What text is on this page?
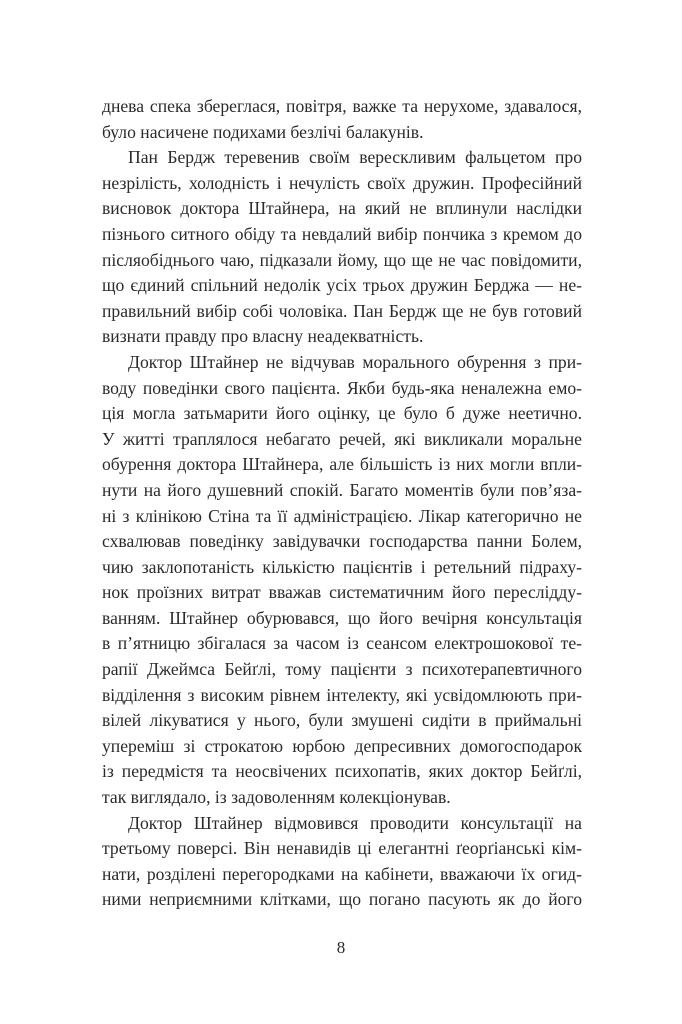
днева спека збереглася, повітря, важке та нерухоме, здавалося,
було насичене подихами безлічі балакунів.
Пан Бердж теревенив своїм верескливим фальцетом про
незрілість, холодність і нечулість своїх дружин. Професійний
висновок доктора Штайнера, на який не вплинули наслідки
пізнього ситного обіду та невдалий вибір пончика з кремом до
післяобіднього чаю, підказали йому, що ще не час повідомити,
що єдиний спільний недолік усіх трьох дружин Берджа — не-
правильний вибір собі чоловіка. Пан Бердж ще не був готовий
визнати правду про власну неадекватність.
Доктор Штайнер не відчував морального обурення з при-
воду поведінки свого пацієнта. Якби будь-яка неналежна емо-
ція могла затьмарити його оцінку, це було б дуже неетично.
У житті траплялося небагато речей, які викликали моральне
обурення доктора Штайнера, але більшість із них могли впли-
нути на його душевний спокій. Багато моментів були пов’яза-
ні з клінікою Стіна та її адміністрацією. Лікар категорично не
схвалював поведінку завідувачки господарства панни Болем,
чию заклопотаність кількістю пацієнтів і ретельний підраху-
нок проїзних витрат вважав систематичним його переслідду-
ванням. Штайнер обурювався, що його вечірня консультація
в п’ятницю збігалася за часом із сеансом електрошокової те-
рапії Джеймса Бейґлі, тому пацієнти з психотерапевтичного
відділення з високим рівнем інтелекту, які усвідомлюють при-
вілей лікуватися у нього, були змушені сидіти в приймальні
упереміш зі строкатою юрбою депресивних домогосподарок
із передмістя та неосвічених психопатів, яких доктор Бейґлі,
так виглядало, із задоволенням колекціонував.
Доктор Штайнер відмовився проводити консультації на
третьому поверсі. Він ненавидів ці елегантні ґеорґіанські кім-
нати, розділені перегородками на кабінети, вважаючи їх огид-
ними неприємними клітками, що погано пасують як до його
8
